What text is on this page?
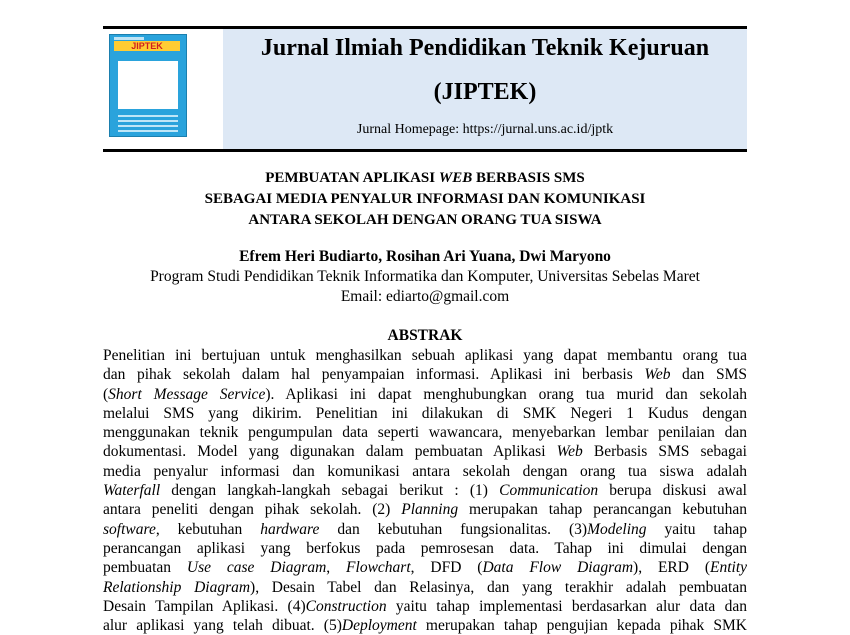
JIPTEK	Jurnal Ilmiah Pendidikan Teknik Kejuruan
(JIPTEK)
Jurnal Homepage: https://jurnal.uns.ac.id/jptk
PEMBUATAN APLIKASI WEB BERBASIS SMS
SEBAGAI MEDIA PENYALUR INFORMASI DAN KOMUNIKASI
ANTARA SEKOLAH DENGAN ORANG TUA SISWA
Efrem Heri Budiarto, Rosihan Ari Yuana, Dwi Maryono
Program Studi Pendidikan Teknik Informatika dan Komputer, Universitas Sebelas Maret
Email: ediarto@gmail.com
ABSTRAK
Penelitian ini bertujuan untuk menghasilkan sebuah aplikasi yang dapat membantu orang tua
dan pihak sekolah dalam hal penyampaian informasi. Aplikasi ini berbasis Web dan SMS
(Short Message Service). Aplikasi ini dapat menghubungkan orang tua murid dan sekolah
melalui SMS yang dikirim. Penelitian ini dilakukan di SMK Negeri 1 Kudus dengan
menggunakan teknik pengumpulan data seperti wawancara, menyebarkan lembar penilaian dan
dokumentasi. Model yang digunakan dalam pembuatan Aplikasi Web Berbasis SMS sebagai
media penyalur informasi dan komunikasi antara sekolah dengan orang tua siswa adalah
Waterfall dengan langkah-langkah sebagai berikut : (1) Communication berupa diskusi awal
antara peneliti dengan pihak sekolah. (2) Planning merupakan tahap perancangan kebutuhan
software, kebutuhan hardware dan kebutuhan fungsionalitas. (3)Modeling yaitu tahap
perancangan aplikasi yang berfokus pada pemrosesan data. Tahap ini dimulai dengan
pembuatan Use case Diagram, Flowchart, DFD (Data Flow Diagram), ERD (Entity
Relationship Diagram), Desain Tabel dan Relasinya, dan yang terakhir adalah pembuatan
Desain Tampilan Aplikasi. (4)Construction yaitu tahap implementasi berdasarkan alur data dan
alur aplikasi yang telah dibuat. (5)Deployment merupakan tahap pengujian kepada pihak SMK
